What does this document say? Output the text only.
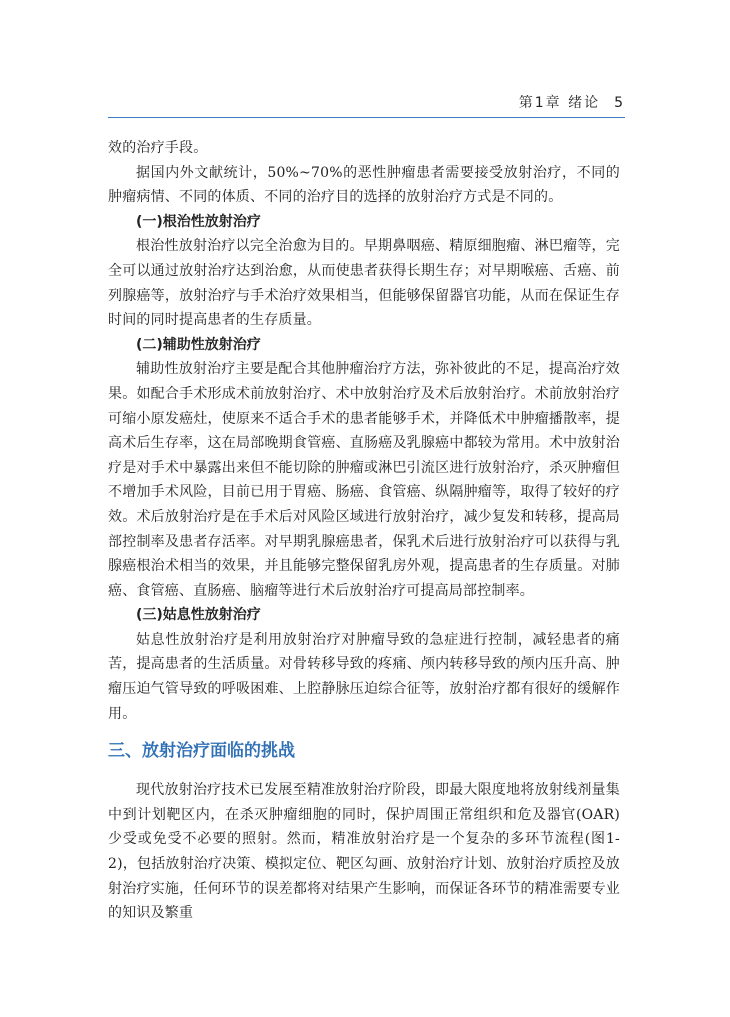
第1章 绪论 5

效的治疗手段。

据国内外文献统计，50%~70%的恶性肿瘤患者需要接受放射治疗，不同的肿瘤病情、不同的体质、不同的治疗目的选择的放射治疗方式是不同的。

(一)根治性放射治疗

根治性放射治疗以完全治愈为目的。早期鼻咽癌、精原细胞瘤、淋巴瘤等，完全可以通过放射治疗达到治愈，从而使患者获得长期生存；对早期喉癌、舌癌、前列腺癌等，放射治疗与手术治疗效果相当，但能够保留器官功能，从而在保证生存时间的同时提高患者的生存质量。

(二)辅助性放射治疗

辅助性放射治疗主要是配合其他肿瘤治疗方法，弥补彼此的不足，提高治疗效果。如配合手术形成术前放射治疗、术中放射治疗及术后放射治疗。术前放射治疗可缩小原发癌灶，使原来不适合手术的患者能够手术，并降低术中肿瘤播散率，提高术后生存率，这在局部晚期食管癌、直肠癌及乳腺癌中都较为常用。术中放射治疗是对手术中暴露出来但不能切除的肿瘤或淋巴引流区进行放射治疗，杀灭肿瘤但不增加手术风险，目前已用于胃癌、肠癌、食管癌、纵隔肿瘤等，取得了较好的疗效。术后放射治疗是在手术后对风险区域进行放射治疗，减少复发和转移，提高局部控制率及患者存活率。对早期乳腺癌患者，保乳术后进行放射治疗可以获得与乳腺癌根治术相当的效果，并且能够完整保留乳房外观，提高患者的生存质量。对肺癌、食管癌、直肠癌、脑瘤等进行术后放射治疗可提高局部控制率。

(三)姑息性放射治疗

姑息性放射治疗是利用放射治疗对肿瘤导致的急症进行控制，减轻患者的痛苦，提高患者的生活质量。对骨转移导致的疼痛、颅内转移导致的颅内压升高、肿瘤压迫气管导致的呼吸困难、上腔静脉压迫综合征等，放射治疗都有很好的缓解作用。

三、放射治疗面临的挑战

现代放射治疗技术已发展至精准放射治疗阶段，即最大限度地将放射线剂量集中到计划靶区内，在杀灭肿瘤细胞的同时，保护周围正常组织和危及器官(OAR)少受或免受不必要的照射。然而，精准放射治疗是一个复杂的多环节流程(图1-2)，包括放射治疗决策、模拟定位、靶区勾画、放射治疗计划、放射治疗质控及放射治疗实施，任何环节的误差都将对结果产生影响，而保证各环节的精准需要专业的知识及繁重
